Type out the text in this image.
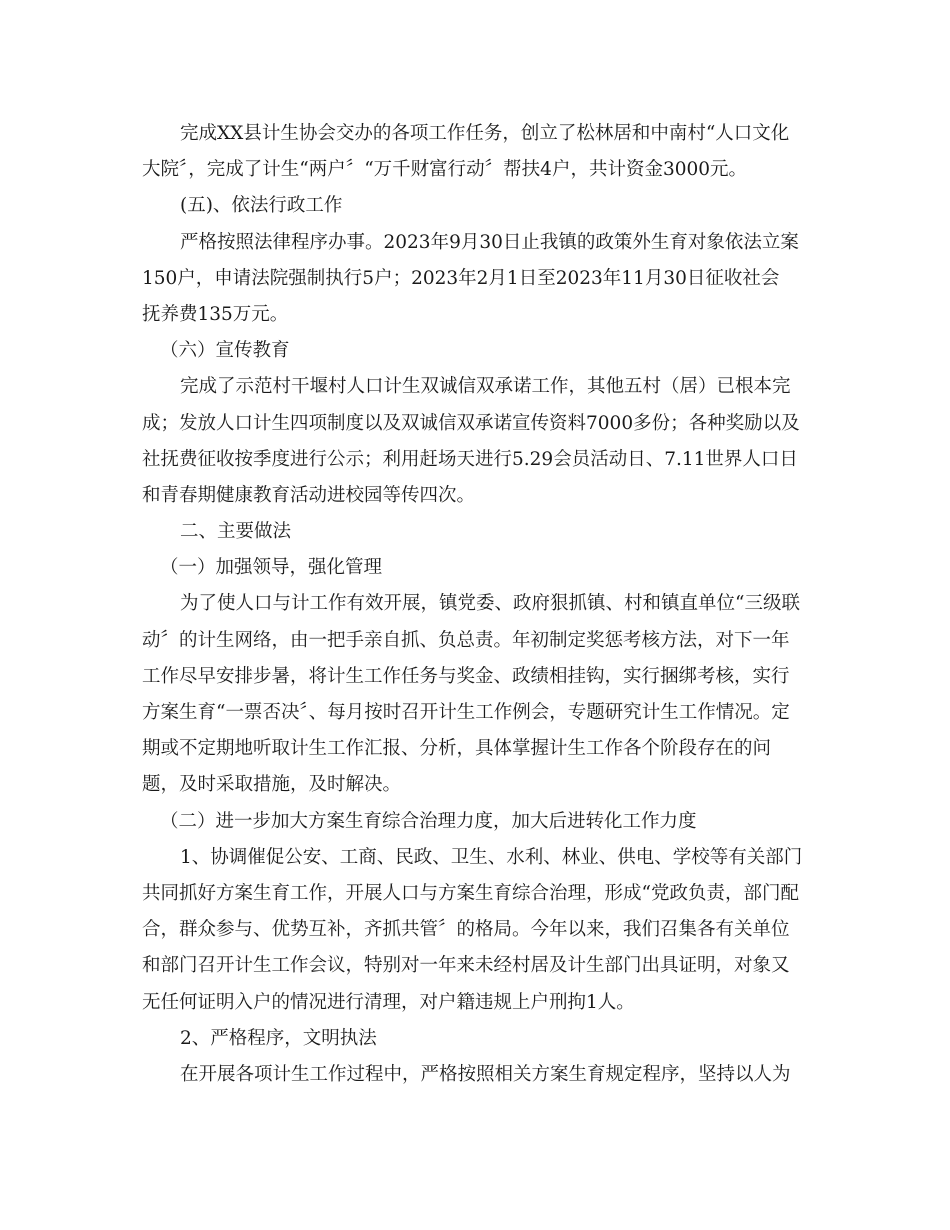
完成XX县计生协会交办的各项工作任务，创立了松林居和中南村“人口文化
大院〞，完成了计生“两户〞“万千财富行动〞帮扶4户，共计资金3000元。
(五)、依法行政工作
严格按照法律程序办事。2023年9月30日止我镇的政策外生育对象依法立案
150户，申请法院强制执行5户；2023年2月1日至2023年11月30日征收社会
抚养费135万元。
（六）宣传教育
完成了示范村干堰村人口计生双诚信双承诺工作，其他五村（居）已根本完
成；发放人口计生四项制度以及双诚信双承诺宣传资料7000多份；各种奖励以及
社抚费征收按季度进行公示；利用赶场天进行5.29会员活动日、7.11世界人口日
和青春期健康教育活动进校园等传四次。
二、主要做法
（一）加强领导，强化管理
为了使人口与计工作有效开展，镇党委、政府狠抓镇、村和镇直单位“三级联
动〞的计生网络，由一把手亲自抓、负总责。年初制定奖惩考核方法，对下一年
工作尽早安排步暑，将计生工作任务与奖金、政绩相挂钩，实行捆绑考核，实行
方案生育“一票否决〞、每月按时召开计生工作例会，专题研究计生工作情况。定
期或不定期地听取计生工作汇报、分析，具体掌握计生工作各个阶段存在的问
题，及时采取措施，及时解决。
（二）进一步加大方案生育综合治理力度，加大后进转化工作力度
1、协调催促公安、工商、民政、卫生、水利、林业、供电、学校等有关部门
共同抓好方案生育工作，开展人口与方案生育综合治理，形成“党政负责，部门配
合，群众参与、优势互补，齐抓共管〞的格局。今年以来，我们召集各有关单位
和部门召开计生工作会议，特别对一年来未经村居及计生部门出具证明，对象又
无任何证明入户的情况进行清理，对户籍违规上户刑拘1人。
2、严格程序，文明执法
在开展各项计生工作过程中，严格按照相关方案生育规定程序，坚持以人为
